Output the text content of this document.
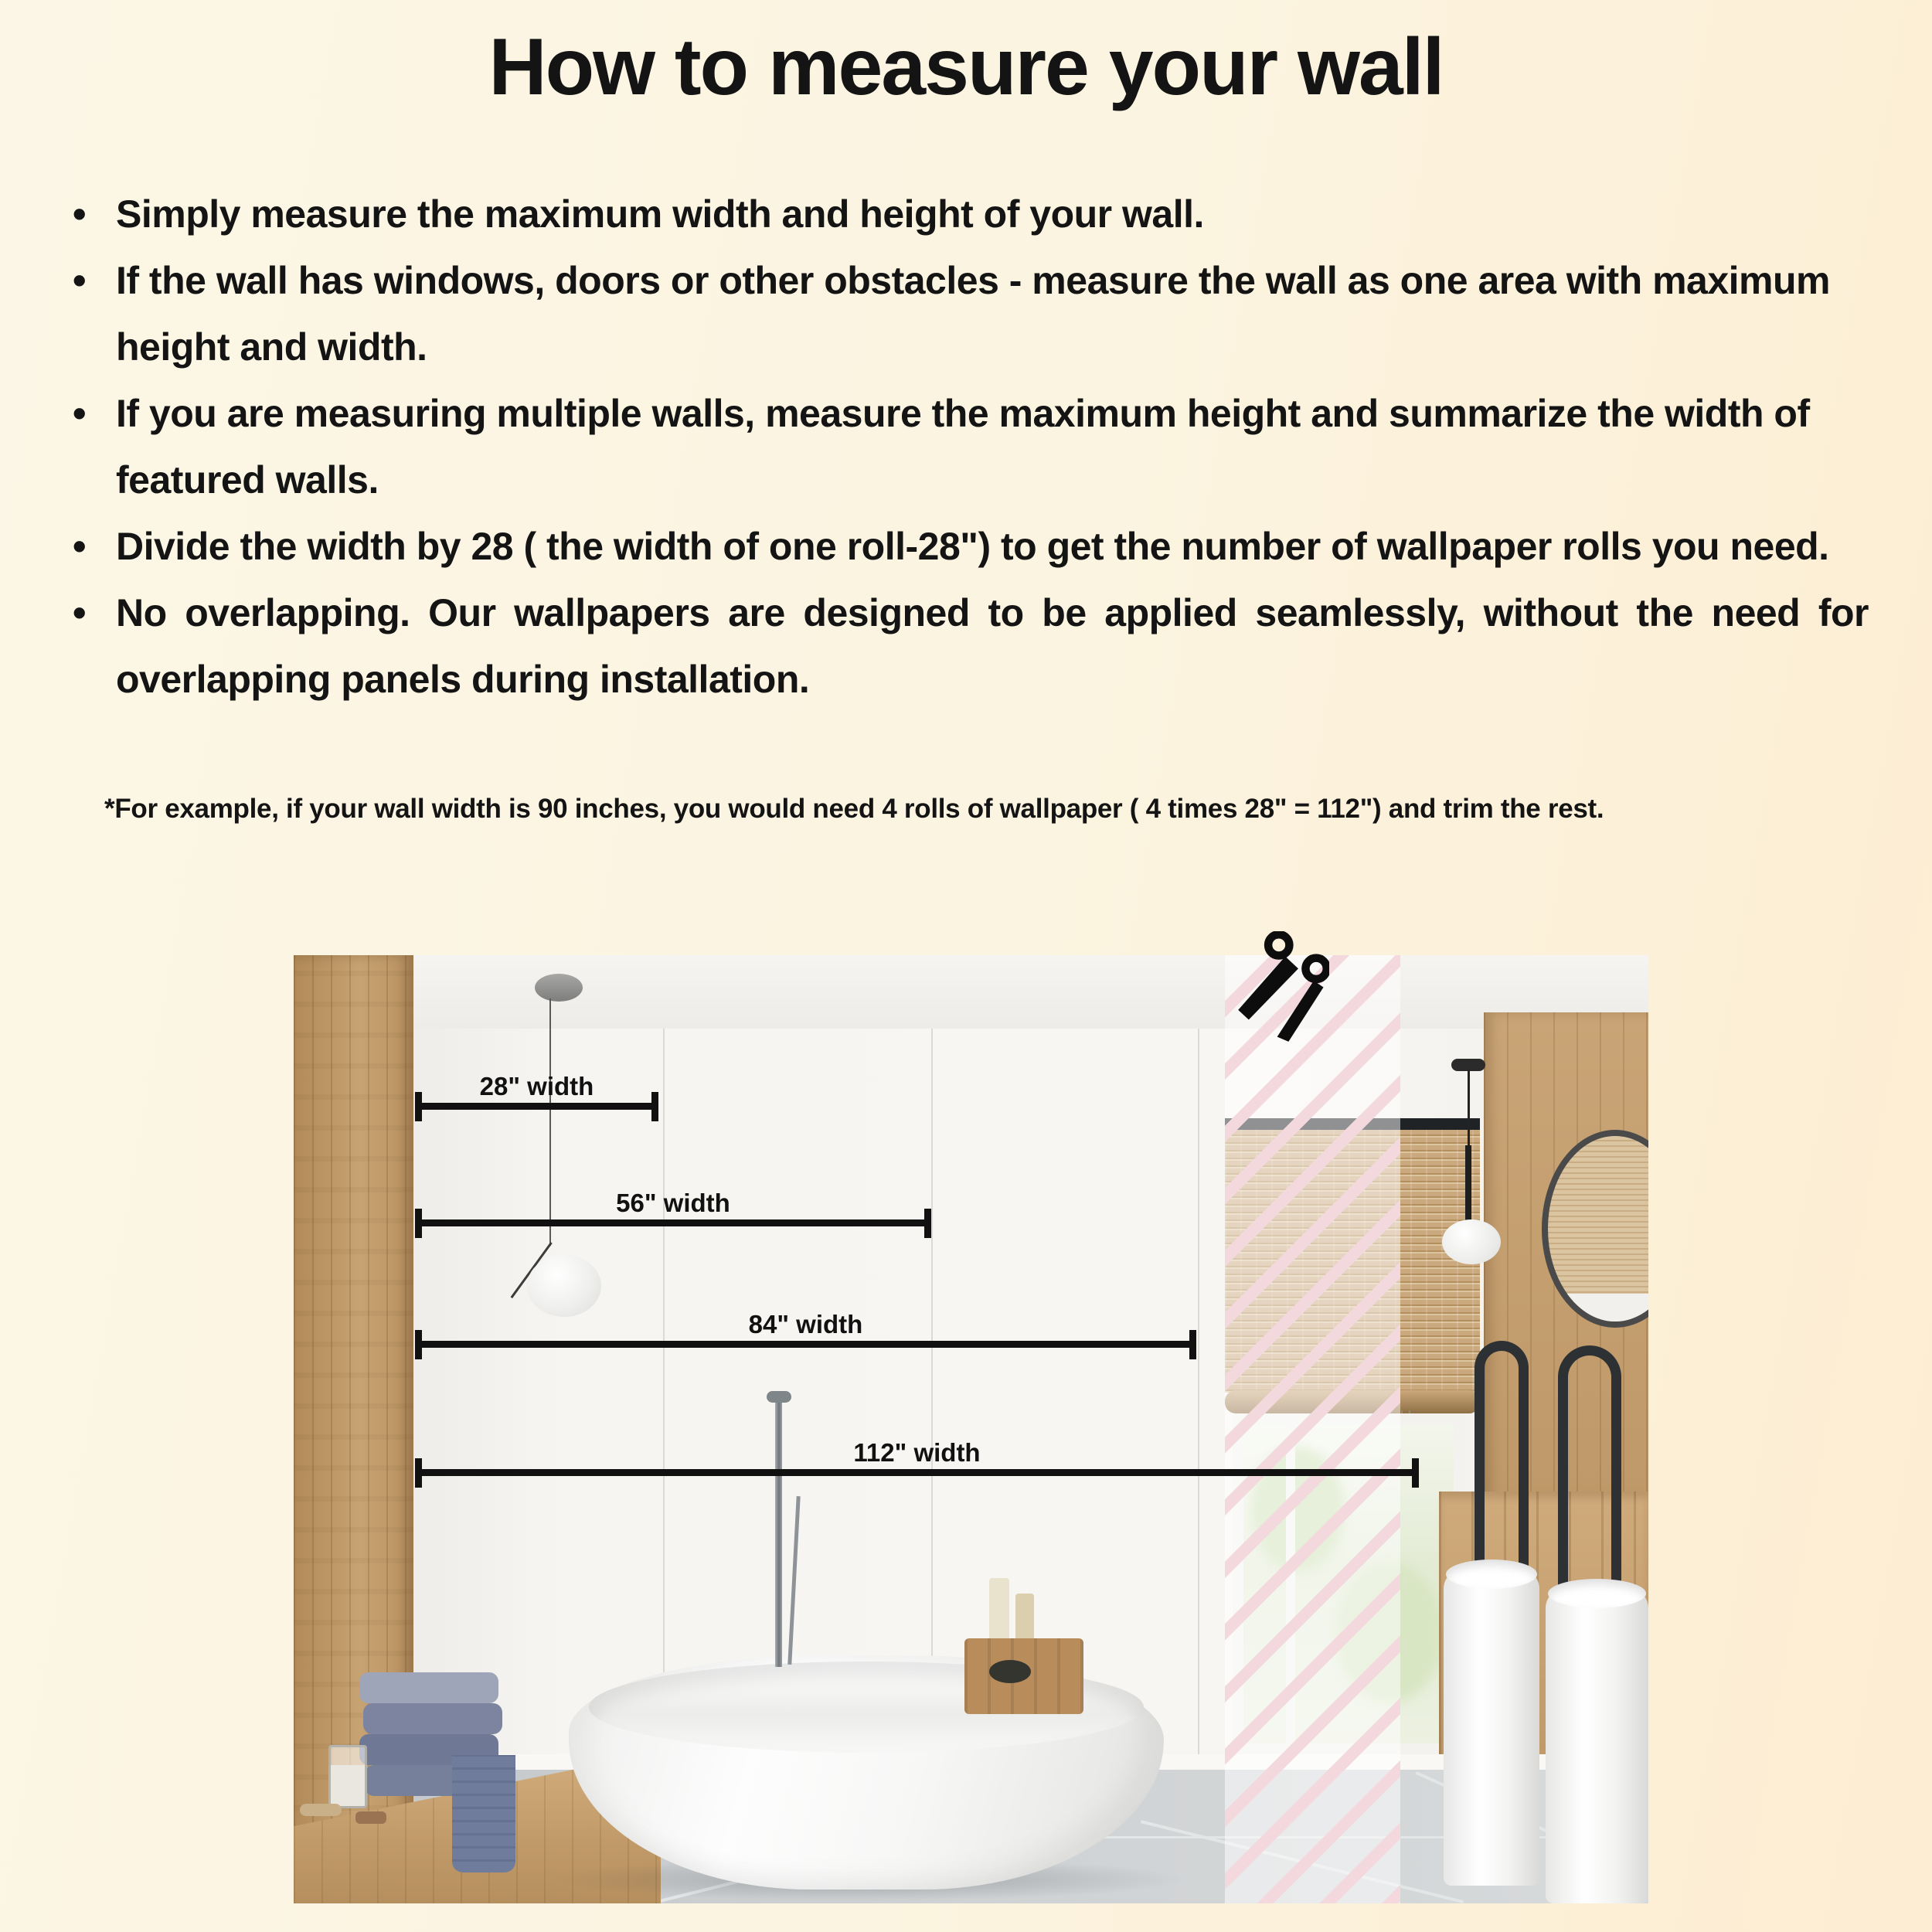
How to measure your wall
• Simply measure the maximum width and height of your wall.
• If the wall has windows, doors or other obstacles - measure the wall as one area with maximum height and width.
• If you are measuring multiple walls, measure the maximum height and summarize the width of featured walls.
• Divide the width by 28 ( the width of one roll-28") to get the number of wallpaper rolls you need.
• No overlapping. Our wallpapers are designed to be applied seamlessly, without the need for overlapping panels during installation.

*For example, if your wall width is 90 inches, you would need 4 rolls of wallpaper ( 4 times 28" = 112") and trim the rest.

28" width
56" width
84" width
112" width
